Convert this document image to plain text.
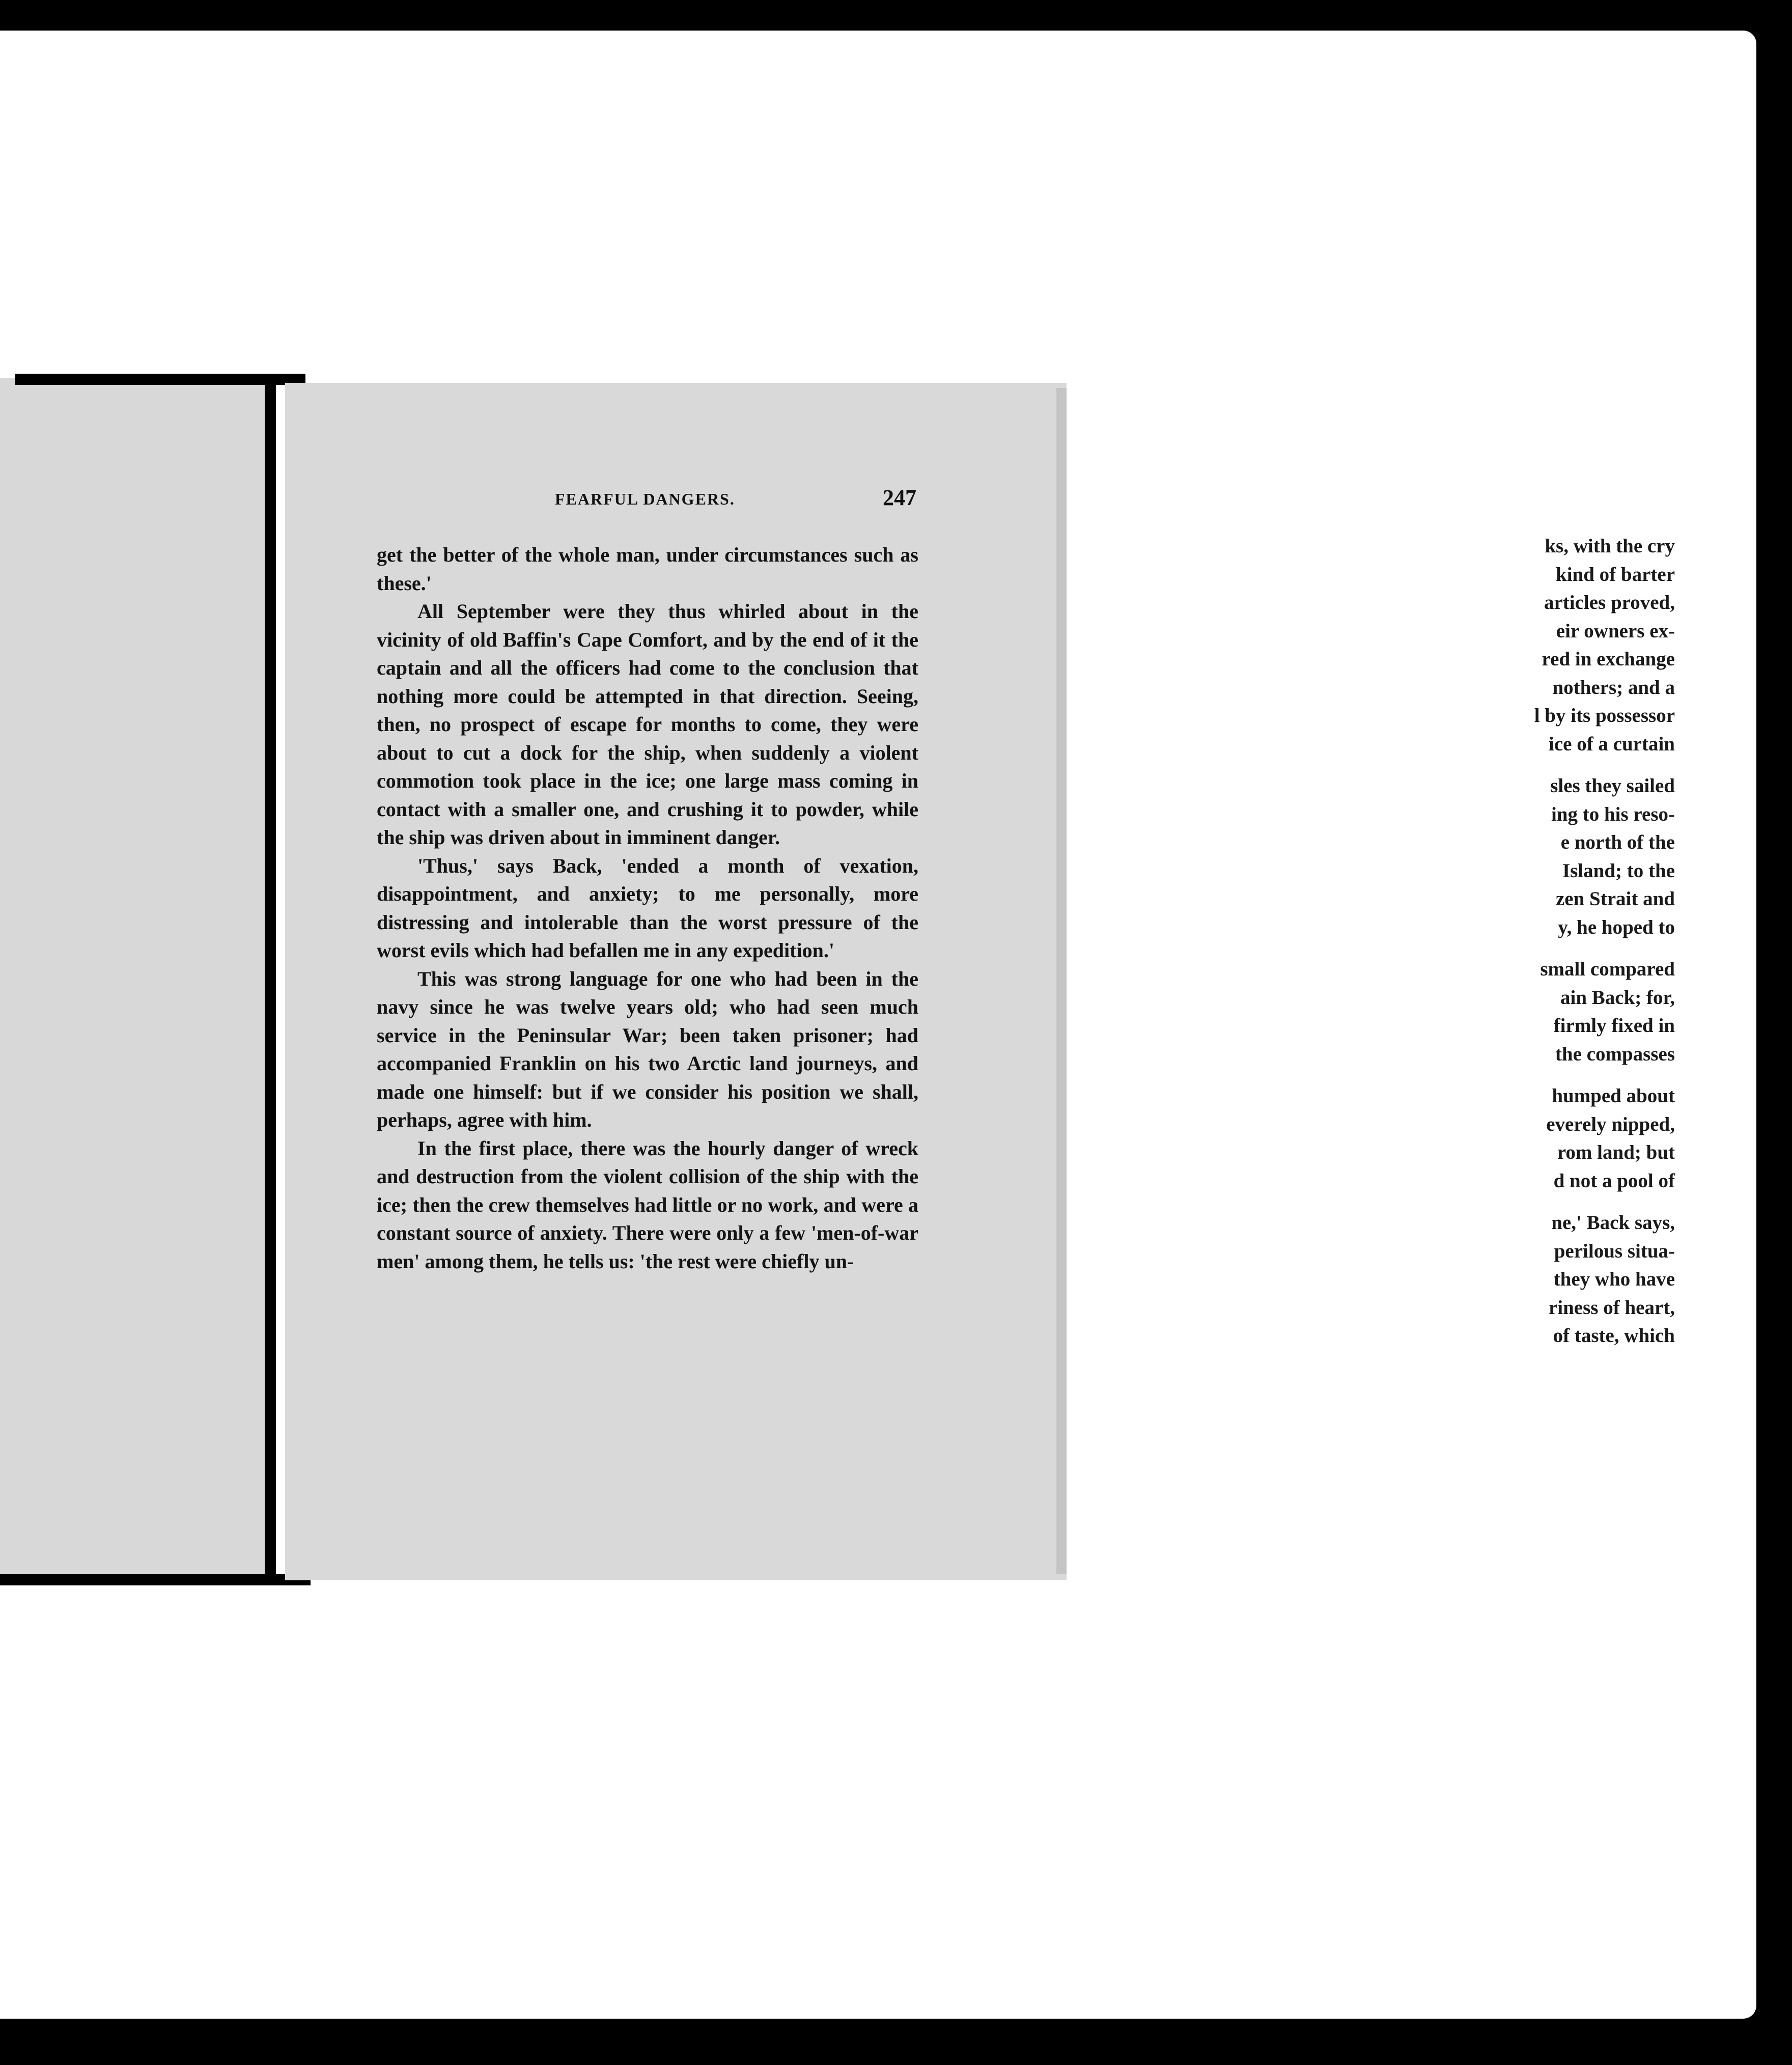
ks, with the cry
kind of barter
articles proved,
eir owners ex-
red in exchange
nothers; and a
l by its possessor
ice of a curtain
sles they sailed
ing to his reso-
e north of the
Island; to the
zen Strait and
y, he hoped to
small compared
ain Back; for,
firmly fixed in
the compasses
humped about
everely nipped,
rom land; but
d not a pool of
ne,' Back says,
perilous situa-
they who have
riness of heart,
of taste, which
FEARFUL DANGERS.	247

get the better of the whole man, under circumstances such as these.'

All September were they thus whirled about in the vicinity of old Baffin's Cape Comfort, and by the end of it the captain and all the officers had come to the conclusion that nothing more could be attempted in that direction. Seeing, then, no prospect of escape for months to come, they were about to cut a dock for the ship, when suddenly a violent commotion took place in the ice; one large mass coming in contact with a smaller one, and crushing it to powder, while the ship was driven about in imminent danger.

'Thus,' says Back, 'ended a month of vexation, disappointment, and anxiety; to me personally, more distressing and intolerable than the worst pressure of the worst evils which had befallen me in any expedition.'

This was strong language for one who had been in the navy since he was twelve years old; who had seen much service in the Peninsular War; been taken prisoner; had accompanied Franklin on his two Arctic land journeys, and made one himself: but if we consider his position we shall, perhaps, agree with him.

In the first place, there was the hourly danger of wreck and destruction from the violent collision of the ship with the ice; then the crew themselves had little or no work, and were a constant source of anxiety. There were only a few 'men-of-war men' among them, he tells us: 'the rest were chiefly un-
